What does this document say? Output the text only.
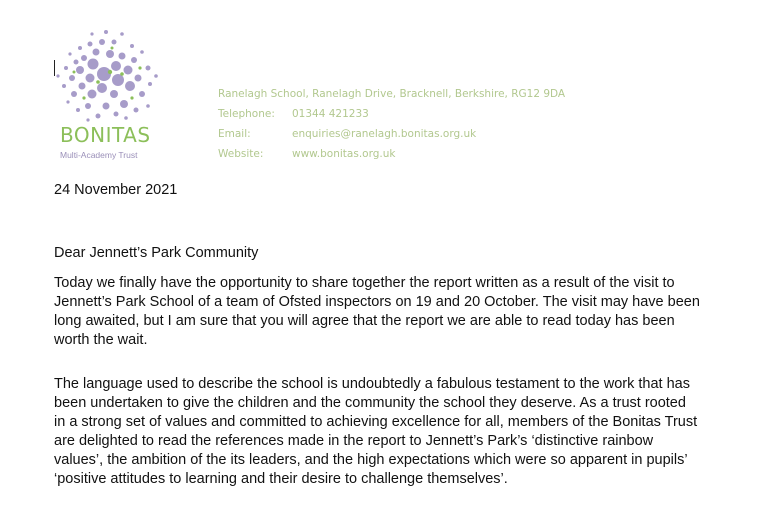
BONITAS
Multi-Academy Trust
Ranelagh School, Ranelagh Drive, Bracknell, Berkshire, RG12 9DA
Telephone:	01344 421233
Email:	enquiries@ranelagh.bonitas.org.uk
Website:	www.bonitas.org.uk
24 November 2021
Dear Jennett’s Park Community
Today we finally have the opportunity to share together the report written as a result of the visit to
Jennett’s Park School of a team of Ofsted inspectors on 19 and 20 October. The visit may have been
long awaited, but I am sure that you will agree that the report we are able to read today has been
worth the wait.
The language used to describe the school is undoubtedly a fabulous testament to the work that has
been undertaken to give the children and the community the school they deserve. As a trust rooted
in a strong set of values and committed to achieving excellence for all, members of the Bonitas Trust
are delighted to read the references made in the report to Jennett’s Park’s ‘distinctive rainbow
values’, the ambition of the its leaders, and the high expectations which were so apparent in pupils’
‘positive attitudes to learning and their desire to challenge themselves’.
